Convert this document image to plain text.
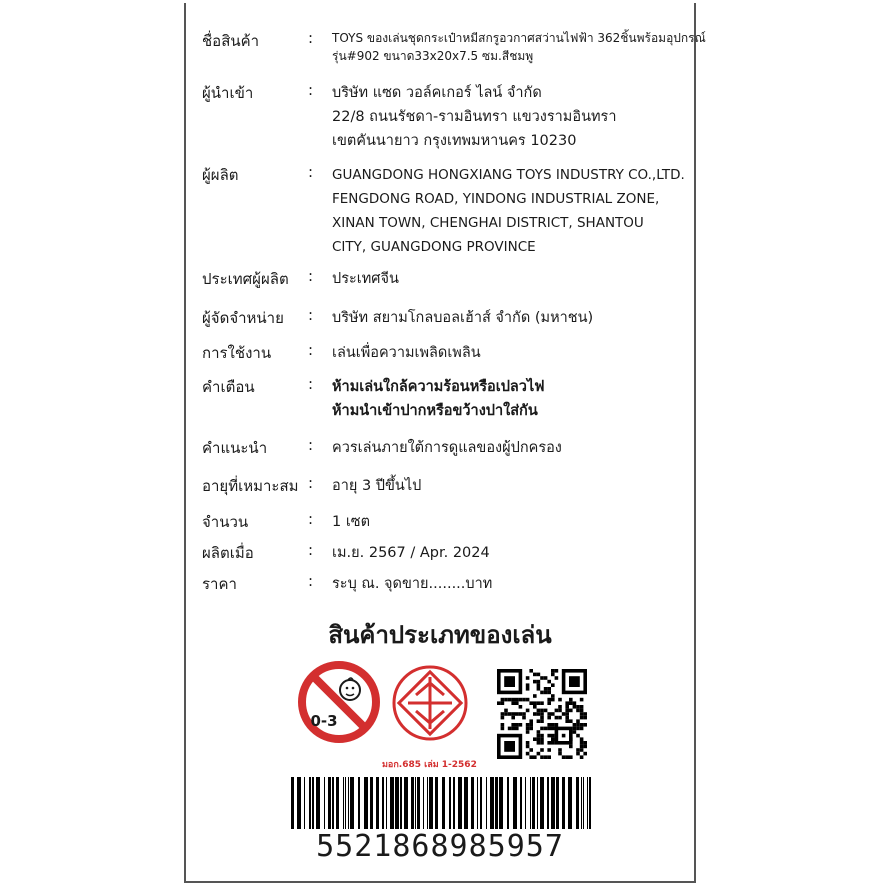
ชื่อสินค้า	: TOYS ของเล่นชุดกระเป๋าหมีสกรูอวกาศสว่านไฟฟ้า 362ชิ้นพร้อมอุปกรณ์
รุ่น#902 ขนาด33x20x7.5 ซม.สีชมพู
ผู้นำเข้า	: บริษัท แซด วอล์คเกอร์ ไลน์ จำกัด
22/8 ถนนรัชดา-รามอินทรา แขวงรามอินทรา
เขตคันนายาว กรุงเทพมหานคร 10230
ผู้ผลิต	: GUANGDONG HONGXIANG TOYS INDUSTRY CO.,LTD.
FENGDONG ROAD, YINDONG INDUSTRIAL ZONE,
XINAN TOWN, CHENGHAI DISTRICT, SHANTOU
CITY, GUANGDONG PROVINCE
ประเทศผู้ผลิต : ประเทศจีน
ผู้จัดจำหน่าย : บริษัท สยามโกลบอลเฮ้าส์ จำกัด (มหาชน)
การใช้งาน : เล่นเพื่อความเพลิดเพลิน
คำเตือน	: ห้ามเล่นใกล้ความร้อนหรือเปลวไฟ
ห้ามนำเข้าปากหรือขว้างปาใส่กัน
คำแนะนำ	: ควรเล่นภายใต้การดูแลของผู้ปกครอง
อายุที่เหมาะสม : อายุ 3 ปีขึ้นไป
จำนวน	: 1 เซต
ผลิตเมื่อ	: เม.ย. 2567 / Apr. 2024
ราคา	: ระบุ ณ. จุดขาย........บาท
สินค้าประเภทของเล่น
0-3
มอก.685 เล่ม 1-2562
5521868985957
